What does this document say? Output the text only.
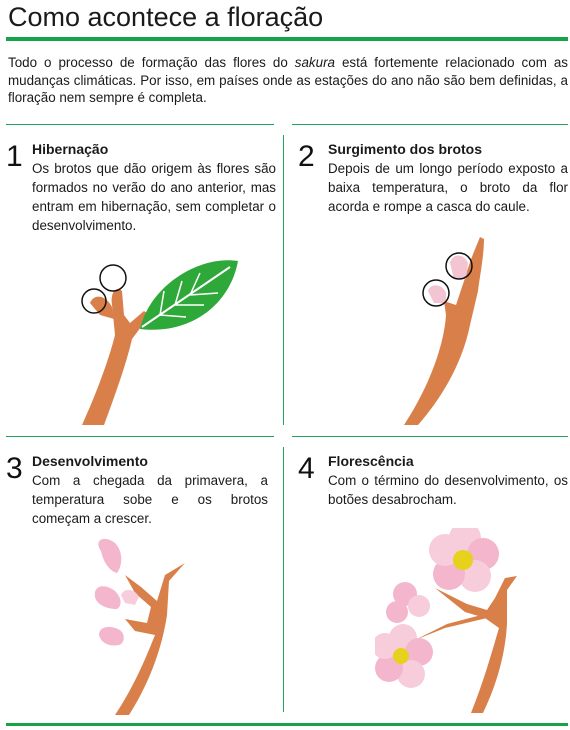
Como acontece a floração
Todo o processo de formação das flores do sakura está fortemente relacionado com as mudanças climáticas. Por isso, em países onde as estações do ano não são bem definidas, a floração nem sempre é completa.
1 Hibernação
Os brotos que dão origem às flores são formados no verão do ano anterior, mas entram em hibernação, sem completar o desenvolvimento.
2 Surgimento dos brotos
Depois de um longo período exposto a baixa temperatura, o broto da flor acorda e rompe a casca do caule.
3 Desenvolvimento
Com a chegada da primavera, a temperatura sobe e os brotos começam a crescer.
4 Florescência
Com o término do desenvolvimento, os botões desabrocham.
